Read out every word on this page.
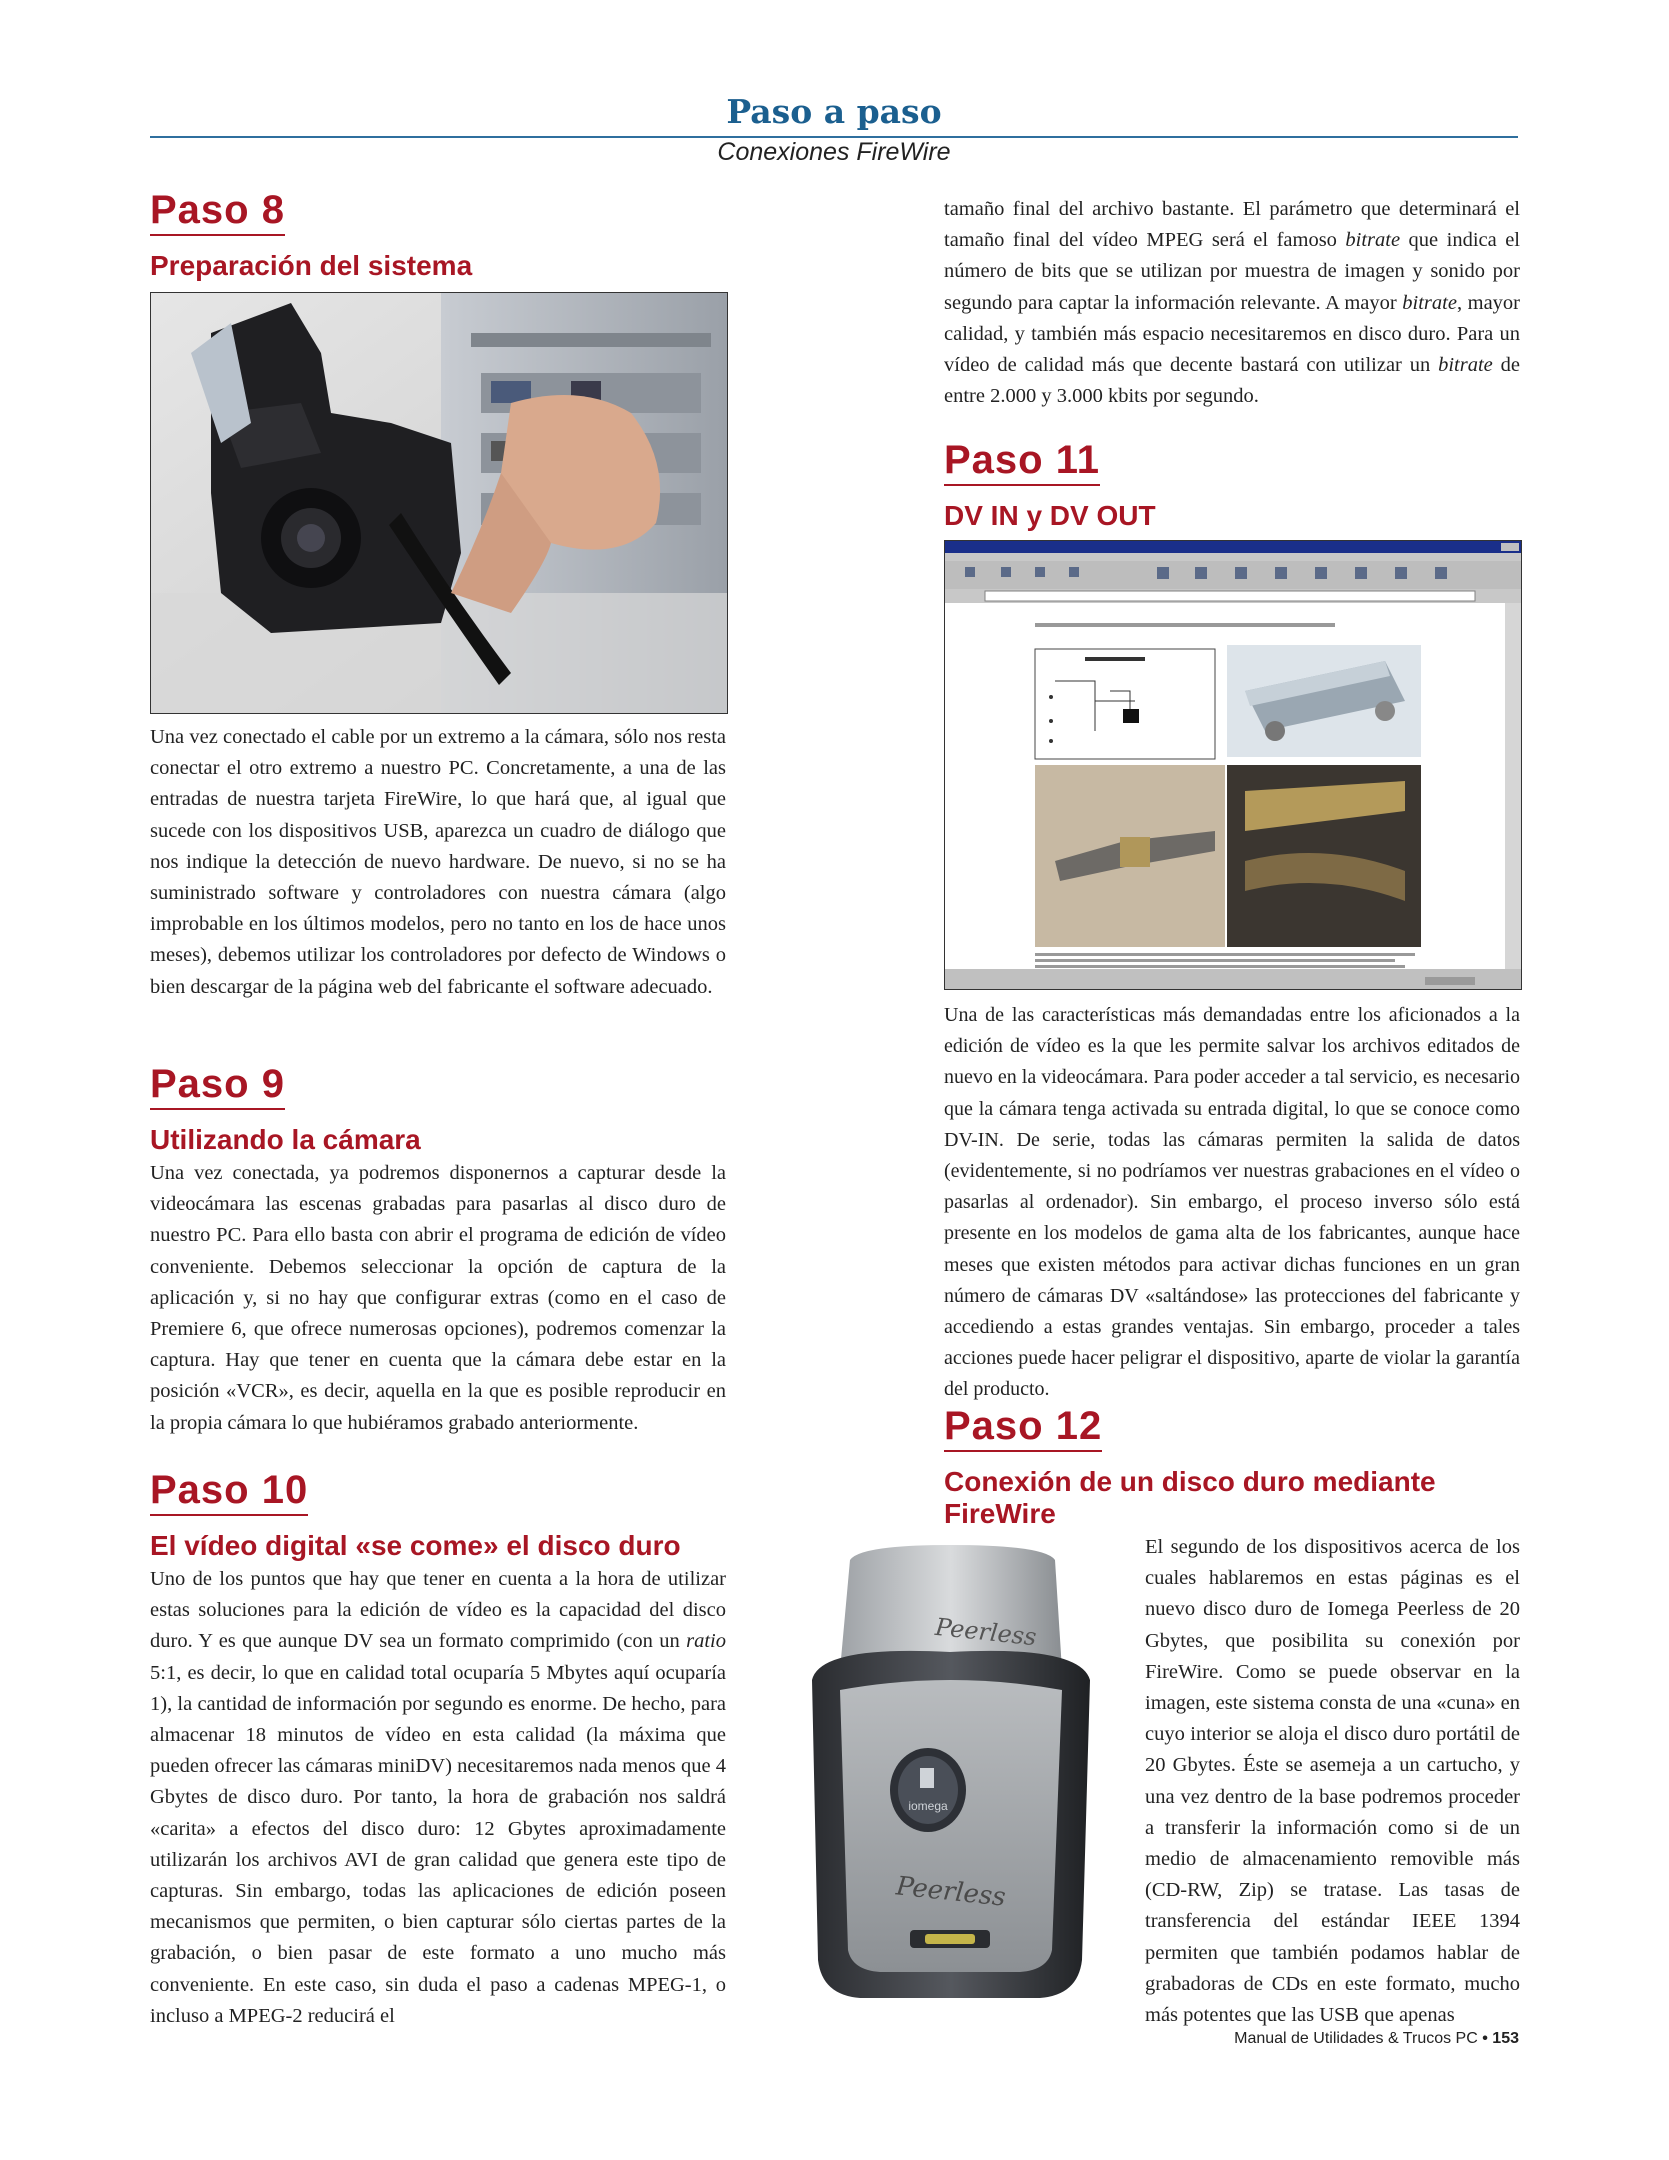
Paso a paso
Conexiones FireWire
Paso 8
Preparación del sistema

Una vez conectado el cable por un extremo a la cámara, sólo nos resta conectar el otro extremo a nuestro PC. Concretamente, a una de las entradas de nuestra tarjeta FireWire, lo que hará que, al igual que sucede con los dispositivos USB, aparezca un cuadro de diálogo que nos indique la detección de nuevo hardware. De nuevo, si no se ha suministrado software y controladores con nuestra cámara (algo improbable en los últimos modelos, pero no tanto en los de hace unos meses), debemos utilizar los controladores por defecto de Windows o bien descargar de la página web del fabricante el software adecuado.

Paso 9
Utilizando la cámara

Una vez conectada, ya podremos disponernos a capturar desde la videocámara las escenas grabadas para pasarlas al disco duro de nuestro PC. Para ello basta con abrir el programa de edición de vídeo conveniente. Debemos seleccionar la opción de captura de la aplicación y, si no hay que configurar extras (como en el caso de Premiere 6, que ofrece numerosas opciones), podremos comenzar la captura. Hay que tener en cuenta que la cámara debe estar en la posición «VCR», es decir, aquella en la que es posible reproducir en la propia cámara lo que hubiéramos grabado anteriormente.

Paso 10
El vídeo digital «se come» el disco duro

Uno de los puntos que hay que tener en cuenta a la hora de utilizar estas soluciones para la edición de vídeo es la capacidad del disco duro. Y es que aunque DV sea un formato comprimido (con un ratio 5:1, es decir, lo que en calidad total ocuparía 5 Mbytes aquí ocuparía 1), la cantidad de información por segundo es enorme. De hecho, para almacenar 18 minutos de vídeo en esta calidad (la máxima que pueden ofrecer las cámaras miniDV) necesitaremos nada menos que 4 Gbytes de disco duro. Por tanto, la hora de grabación nos saldrá «carita» a efectos del disco duro: 12 Gbytes aproximadamente utilizarán los archivos AVI de gran calidad que genera este tipo de capturas. Sin embargo, todas las aplicaciones de edición poseen mecanismos que permiten, o bien capturar sólo ciertas partes de la grabación, o bien pasar de este formato a uno mucho más conveniente. En este caso, sin duda el paso a cadenas MPEG-1, o incluso a MPEG-2 reducirá el

tamaño final del archivo bastante. El parámetro que determinará el tamaño final del vídeo MPEG será el famoso bitrate que indica el número de bits que se utilizan por muestra de imagen y sonido por segundo para captar la información relevante. A mayor bitrate, mayor calidad, y también más espacio necesitaremos en disco duro. Para un vídeo de calidad más que decente bastará con utilizar un bitrate de entre 2.000 y 3.000 kbits por segundo.

Paso 11
DV IN y DV OUT

Una de las características más demandadas entre los aficionados a la edición de vídeo es la que les permite salvar los archivos editados de nuevo en la videocámara. Para poder acceder a tal servicio, es necesario que la cámara tenga activada su entrada digital, lo que se conoce como DV-IN. De serie, todas las cámaras permiten la salida de datos (evidentemente, si no podríamos ver nuestras grabaciones en el vídeo o pasarlas al ordenador). Sin embargo, el proceso inverso sólo está presente en los modelos de gama alta de los fabricantes, aunque hace meses que existen métodos para activar dichas funciones en un gran número de cámaras DV «saltándose» las protecciones del fabricante y accediendo a estas grandes ventajas. Sin embargo, proceder a tales acciones puede hacer peligrar el dispositivo, aparte de violar la garantía del producto.

Paso 12
Conexión de un disco duro mediante FireWire
Peerless
iomega
Peerless

El segundo de los dispositivos acerca de los cuales hablaremos en estas páginas es el nuevo disco duro de Iomega Peerless de 20 Gbytes, que posibilita su conexión por FireWire. Como se puede observar en la imagen, este sistema consta de una «cuna» en cuyo interior se aloja el disco duro portátil de 20 Gbytes. Éste se asemeja a un cartucho, y una vez dentro de la base podremos proceder a transferir la información como si de un medio de almacenamiento removible más (CD-RW, Zip) se tratase. Las tasas de transferencia del estándar IEEE 1394 permiten que también podamos hablar de grabadoras de CDs en este formato, mucho más potentes que las USB que apenas

Manual de Utilidades & Trucos PC • 153
